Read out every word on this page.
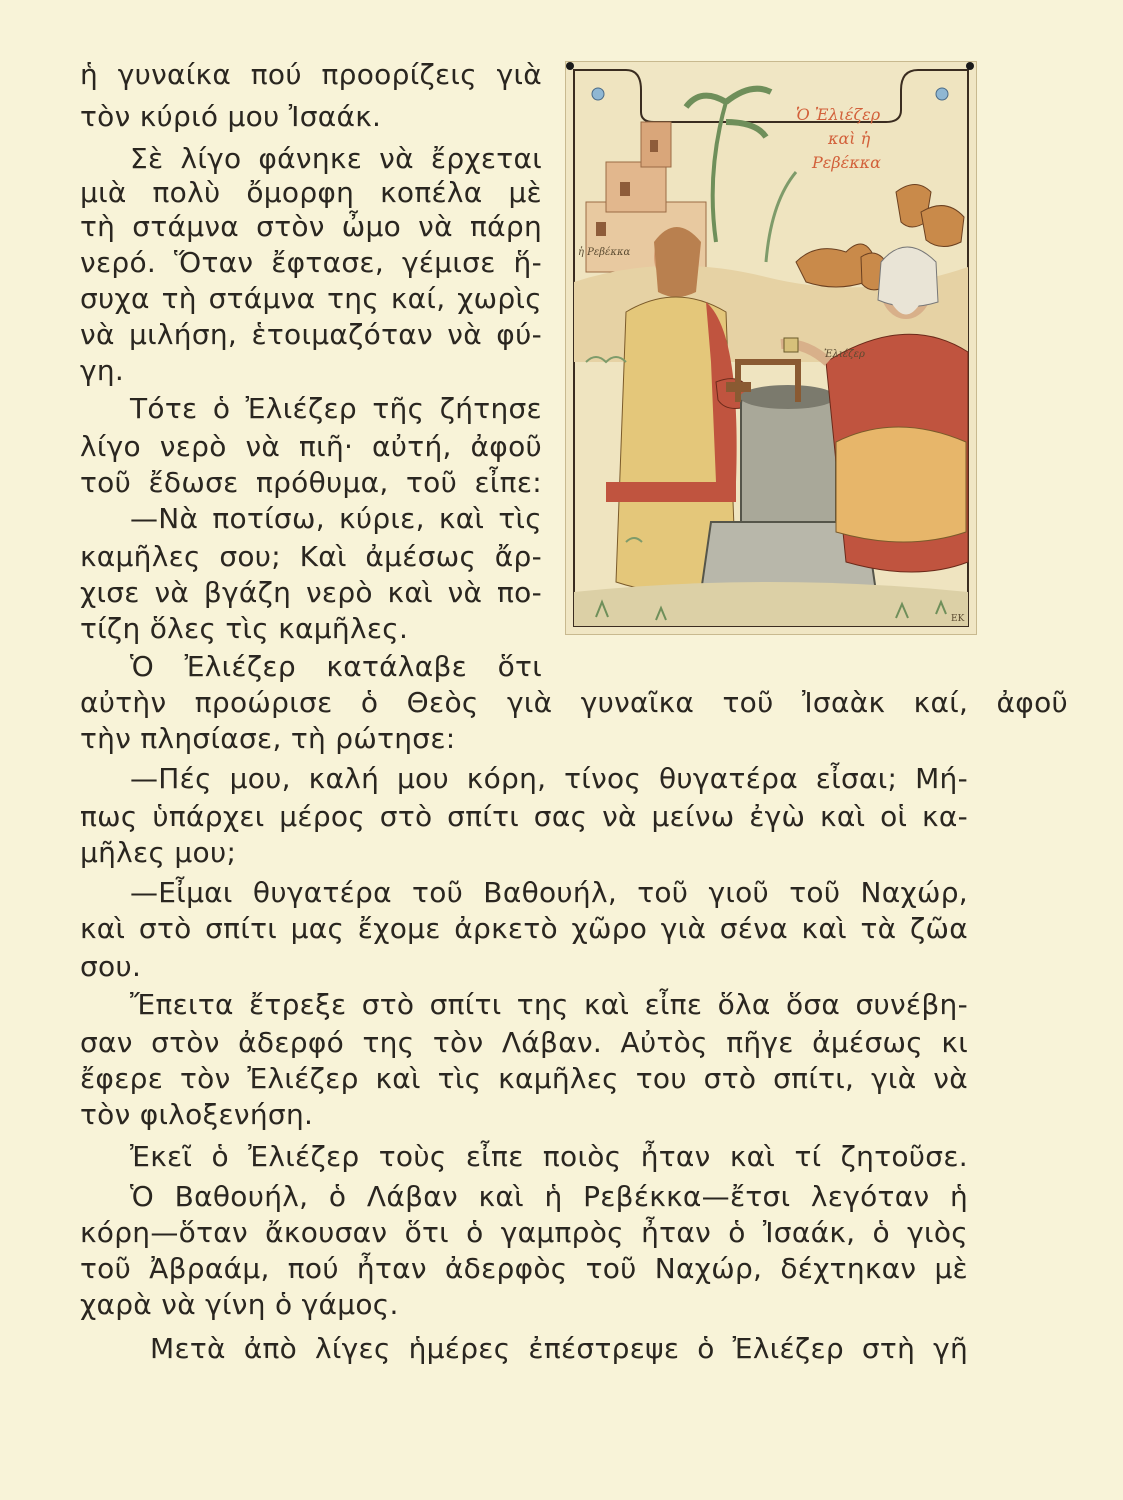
ἡ γυναίκα πού προορίζεις γιὰ
τὸν κύριό μου Ἰσαάκ.
Σὲ λίγο φάνηκε νὰ ἔρχεται
μιὰ πολὺ ὄμορφη κοπέλα μὲ
τὴ στάμνα στὸν ὦμο νὰ πάρη
νερό. Ὅταν ἔφτασε, γέμισε ἥ-
συχα τὴ στάμνα της καί, χωρὶς
νὰ μιλήση, ἑτοιμαζόταν νὰ φύ-
γη.
Τότε ὁ Ἐλιέζερ τῆς ζήτησε
λίγο νερὸ νὰ πιῆ· αὐτή, ἀφοῦ
τοῦ ἔδωσε πρόθυμα, τοῦ εἶπε:
—Νὰ ποτίσω, κύριε, καὶ τὶς
καμῆλες σου; Καὶ ἀμέσως ἄρ-
χισε νὰ βγάζη νερὸ καὶ νὰ πο-
τίζη ὅλες τὶς καμῆλες.
Ὁ Ἐλιέζερ κατάλαβε ὅτι
αὐτὴν προώρισε ὁ Θεὸς γιὰ γυναῖκα τοῦ Ἰσαὰκ καί, ἀφοῦ
τὴν πλησίασε, τὴ ρώτησε:
—Πές μου, καλή μου κόρη, τίνος θυγατέρα εἶσαι; Μή-
πως ὑπάρχει μέρος στὸ σπίτι σας νὰ μείνω ἐγὼ καὶ οἱ κα-
μῆλες μου;
—Εἶμαι θυγατέρα τοῦ Βαθουήλ, τοῦ γιοῦ τοῦ Ναχώρ,
καὶ στὸ σπίτι μας ἔχομε ἀρκετὸ χῶρο γιὰ σένα καὶ τὰ ζῶα
σου.
Ἔπειτα ἔτρεξε στὸ σπίτι της καὶ εἶπε ὅλα ὅσα συνέβη-
σαν στὸν ἀδερφό της τὸν Λάβαν. Αὐτὸς πῆγε ἀμέσως κι
ἔφερε τὸν Ἐλιέζερ καὶ τὶς καμῆλες του στὸ σπίτι, γιὰ νὰ
τὸν φιλοξενήση.
Ἐκεῖ ὁ Ἐλιέζερ τοὺς εἶπε ποιὸς ἦταν καὶ τί ζητοῦσε.
Ὁ Βαθουήλ, ὁ Λάβαν καὶ ἡ Ρεβέκκα—ἔτσι λεγόταν ἡ
κόρη—ὅταν ἄκουσαν ὅτι ὁ γαμπρὸς ἦταν ὁ Ἰσαάκ, ὁ γιὸς
τοῦ Ἀβραάμ, πού ἦταν ἀδερφὸς τοῦ Ναχώρ, δέχτηκαν μὲ
χαρὰ νὰ γίνη ὁ γάμος.
Μετὰ ἀπὸ λίγες ἡμέρες ἐπέστρεψε ὁ Ἐλιέζερ στὴ γῆ
Ὁ Ἐλιέζερ
καὶ ἡ
Ρεβέκκα
ἡ Ρεβέκκα
Ἐλιέζερ
ΕΚ
